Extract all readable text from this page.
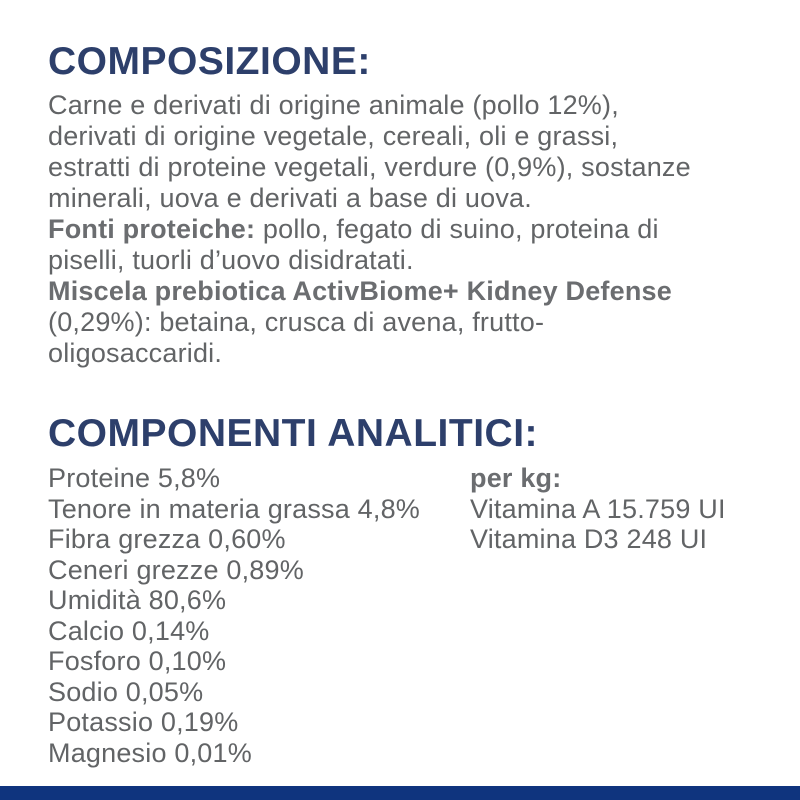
COMPOSIZIONE:
Carne e derivati di origine animale (pollo 12%),
derivati di origine vegetale, cereali, oli e grassi,
estratti di proteine vegetali, verdure (0,9%), sostanze
minerali, uova e derivati a base di uova.
Fonti proteiche: pollo, fegato di suino, proteina di
piselli, tuorli d’uovo disidratati.
Miscela prebiotica ActivBiome+ Kidney Defense
(0,29%): betaina, crusca di avena, frutto-
oligosaccaridi.
COMPONENTI ANALITICI:
Proteine 5,8%
Tenore in materia grassa 4,8%
Fibra grezza 0,60%
Ceneri grezze 0,89%
Umidità 80,6%
Calcio 0,14%
Fosforo 0,10%
Sodio 0,05%
Potassio 0,19%
Magnesio 0,01%
per kg:
Vitamina A 15.759 UI
Vitamina D3 248 UI
